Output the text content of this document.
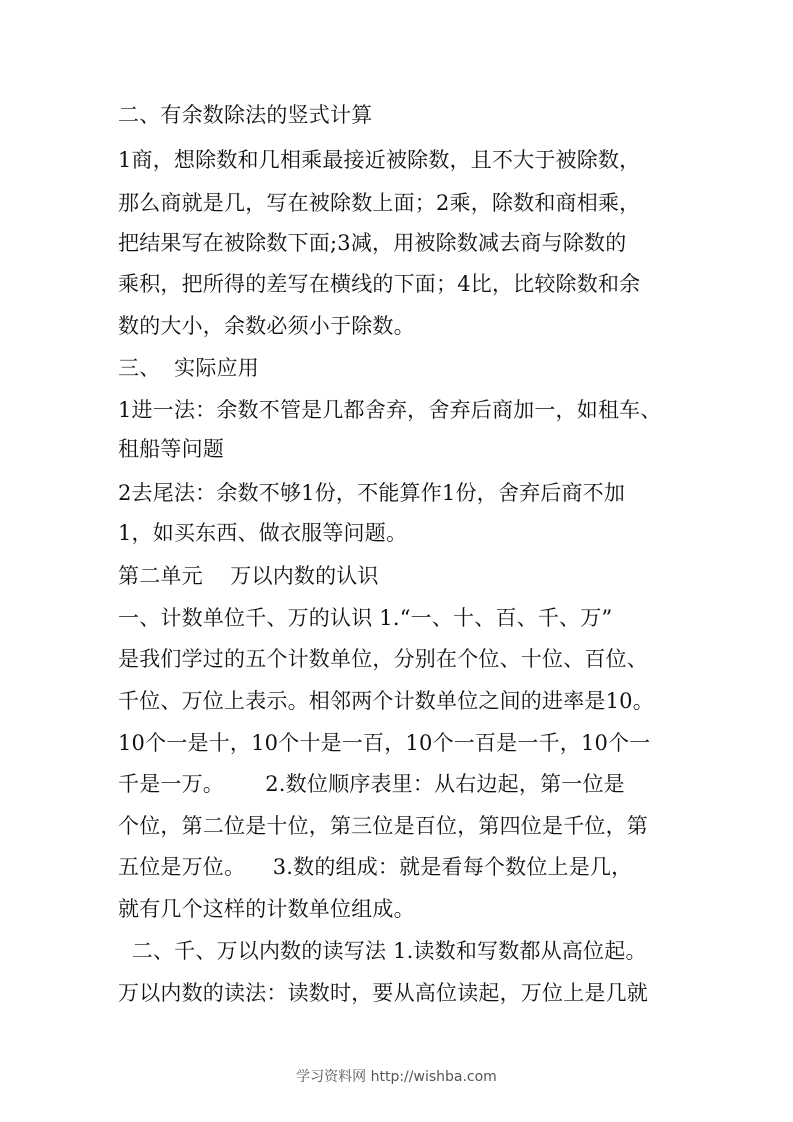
二、有余数除法的竖式计算
1商，想除数和几相乘最接近被除数，且不大于被除数，
那么商就是几，写在被除数上面；2乘，除数和商相乘，
把结果写在被除数下面;3减，用被除数减去商与除数的
乘积，把所得的差写在横线的下面；4比，比较除数和余
数的大小，余数必须小于除数。
三、  实际应用
1进一法：余数不管是几都舍弃，舍弃后商加一，如租车、
租船等问题
2去尾法：余数不够1份，不能算作1份，舍弃后商不加
1，如买东西、做衣服等问题。
第二单元    万以内数的认识
一、计数单位千、万的认识 1.“一、十、百、千、万”
是我们学过的五个计数单位，分别在个位、十位、百位、
千位、万位上表示。相邻两个计数单位之间的进率是10。
10个一是十，10个十是一百，10个一百是一千，10个一
千是一万。      2.数位顺序表里：从右边起，第一位是
个位，第二位是十位，第三位是百位，第四位是千位，第
五位是万位。    3.数的组成：就是看每个数位上是几，
就有几个这样的计数单位组成。
二、千、万以内数的读写法 1.读数和写数都从高位起。
万以内数的读法：读数时，要从高位读起，万位上是几就
学习资料网 http://wishba.com
